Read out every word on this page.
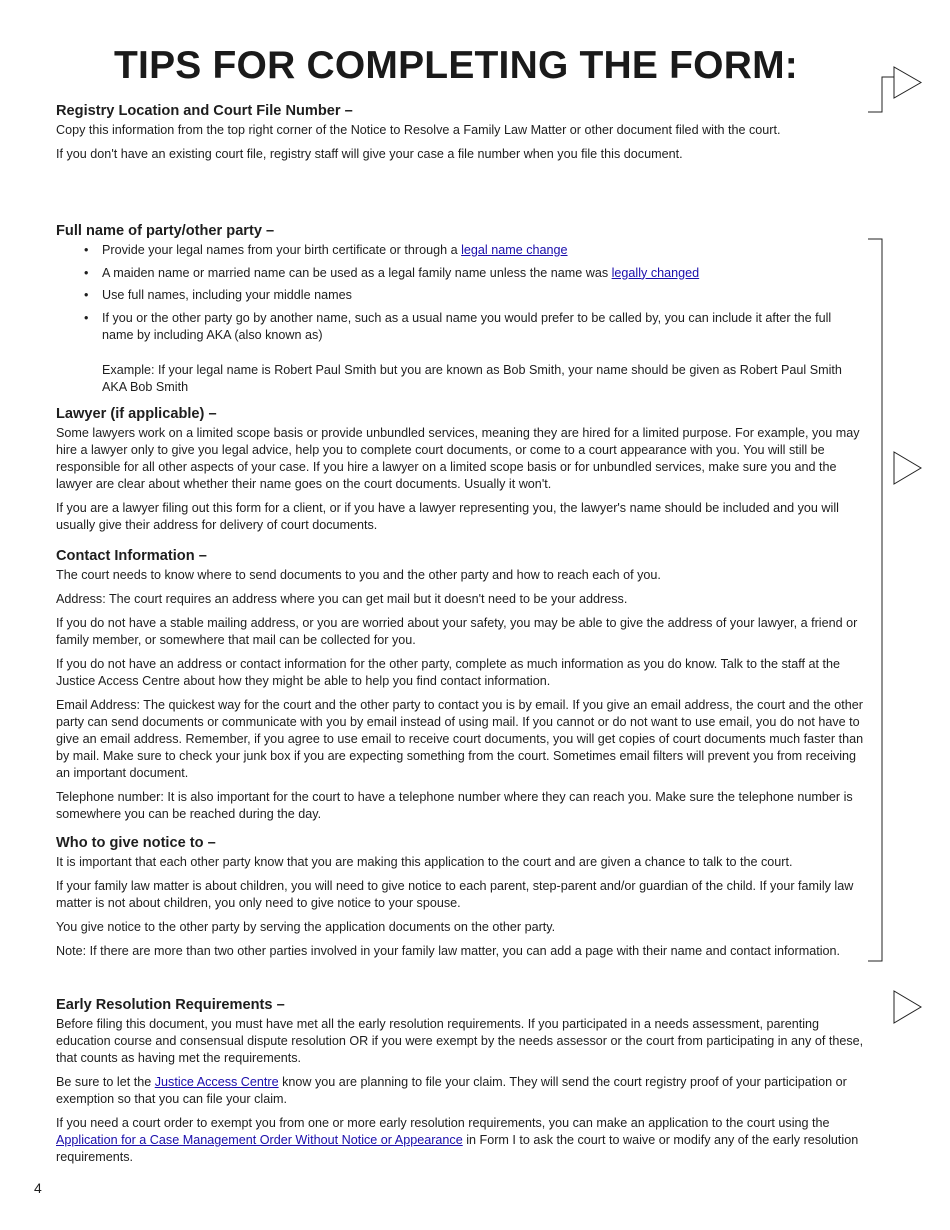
TIPS FOR COMPLETING THE FORM:
Registry Location and Court File Number –

Copy this information from the top right corner of the Notice to Resolve a Family Law Matter or other document filed with the court.

If you don't have an existing court file, registry staff will give your case a file number when you file this document.

Full name of party/other party –
• Provide your legal names from your birth certificate or through a legal name change
• A maiden name or married name can be used as a legal family name unless the name was legally changed
• Use full names, including your middle names
• If you or the other party go by another name, such as a usual name you would prefer to be called by, you can include it after the full name by including AKA (also known as)

Example: If your legal name is Robert Paul Smith but you are known as Bob Smith, your name should be given as Robert Paul Smith AKA Bob Smith

Lawyer (if applicable) –

Some lawyers work on a limited scope basis or provide unbundled services, meaning they are hired for a limited purpose. For example, you may hire a lawyer only to give you legal advice, help you to complete court documents, or come to a court appearance with you. You will still be responsible for all other aspects of your case. If you hire a lawyer on a limited scope basis or for unbundled services, make sure you and the lawyer are clear about whether their name goes on the court documents. Usually it won't.

If you are a lawyer filing out this form for a client, or if you have a lawyer representing you, the lawyer's name should be included and you will usually give their address for delivery of court documents.

Contact Information –

The court needs to know where to send documents to you and the other party and how to reach each of you.

Address: The court requires an address where you can get mail but it doesn't need to be your address.

If you do not have a stable mailing address, or you are worried about your safety, you may be able to give the address of your lawyer, a friend or family member, or somewhere that mail can be collected for you.

If you do not have an address or contact information for the other party, complete as much information as you do know. Talk to the staff at the Justice Access Centre about how they might be able to help you find contact information.

Email Address: The quickest way for the court and the other party to contact you is by email. If you give an email address, the court and the other party can send documents or communicate with you by email instead of using mail. If you cannot or do not want to use email, you do not have to give an email address. Remember, if you agree to use email to receive court documents, you will get copies of court documents much faster than by mail. Make sure to check your junk box if you are expecting something from the court. Sometimes email filters will prevent you from receiving an important document.

Telephone number: It is also important for the court to have a telephone number where they can reach you. Make sure the telephone number is somewhere you can be reached during the day.

Who to give notice to –

It is important that each other party know that you are making this application to the court and are given a chance to talk to the court.

If your family law matter is about children, you will need to give notice to each parent, step-parent and/or guardian of the child. If your family law matter is not about children, you only need to give notice to your spouse.

You give notice to the other party by serving the application documents on the other party.

Note: If there are more than two other parties involved in your family law matter, you can add a page with their name and contact information.

Early Resolution Requirements –

Before filing this document, you must have met all the early resolution requirements. If you participated in a needs assessment, parenting education course and consensual dispute resolution OR if you were exempt by the needs assessor or the court from participating in any of these, that counts as having met the requirements.

Be sure to let the Justice Access Centre know you are planning to file your claim. They will send the court registry proof of your participation or exemption so that you can file your claim.

If you need a court order to exempt you from one or more early resolution requirements, you can make an application to the court using the Application for a Case Management Order Without Notice or Appearance in Form I to ask the court to waive or modify any of the early resolution requirements.

4
